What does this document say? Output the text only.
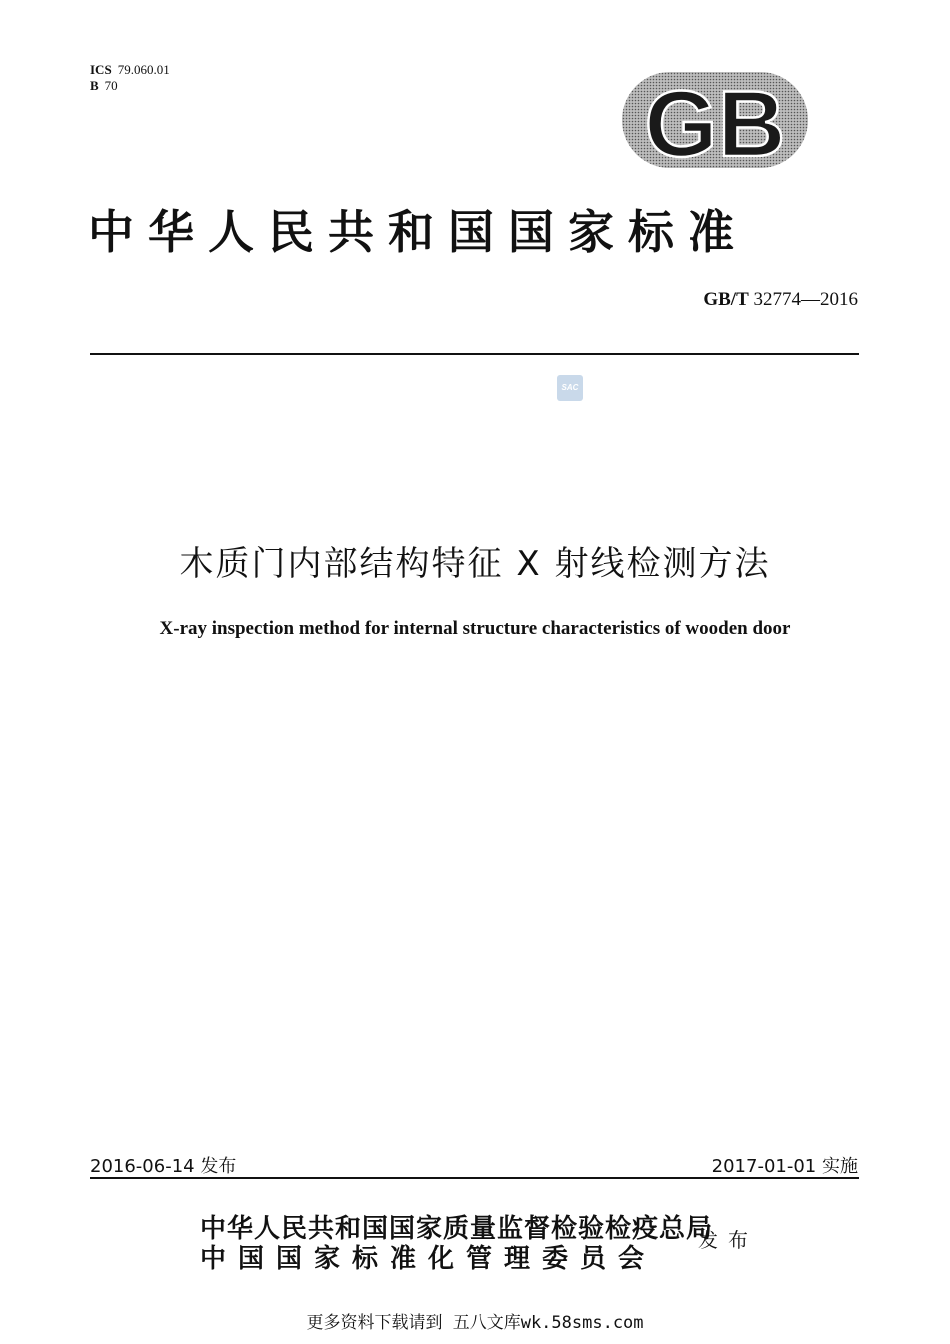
ICS 79.060.01
B 70	GB
中华人民共和国国家标准
GB/T 32774—2016
SAC
木质门内部结构特征 X 射线检测方法
X-ray inspection method for internal structure characteristics of wooden door
2016-06-14 发布	2017-01-01 实施
中华人民共和国国家质量监督检验检疫总局
中国国家标准化管理委员会
发布
更多资料下载请到 五八文库wk.58sms.com
